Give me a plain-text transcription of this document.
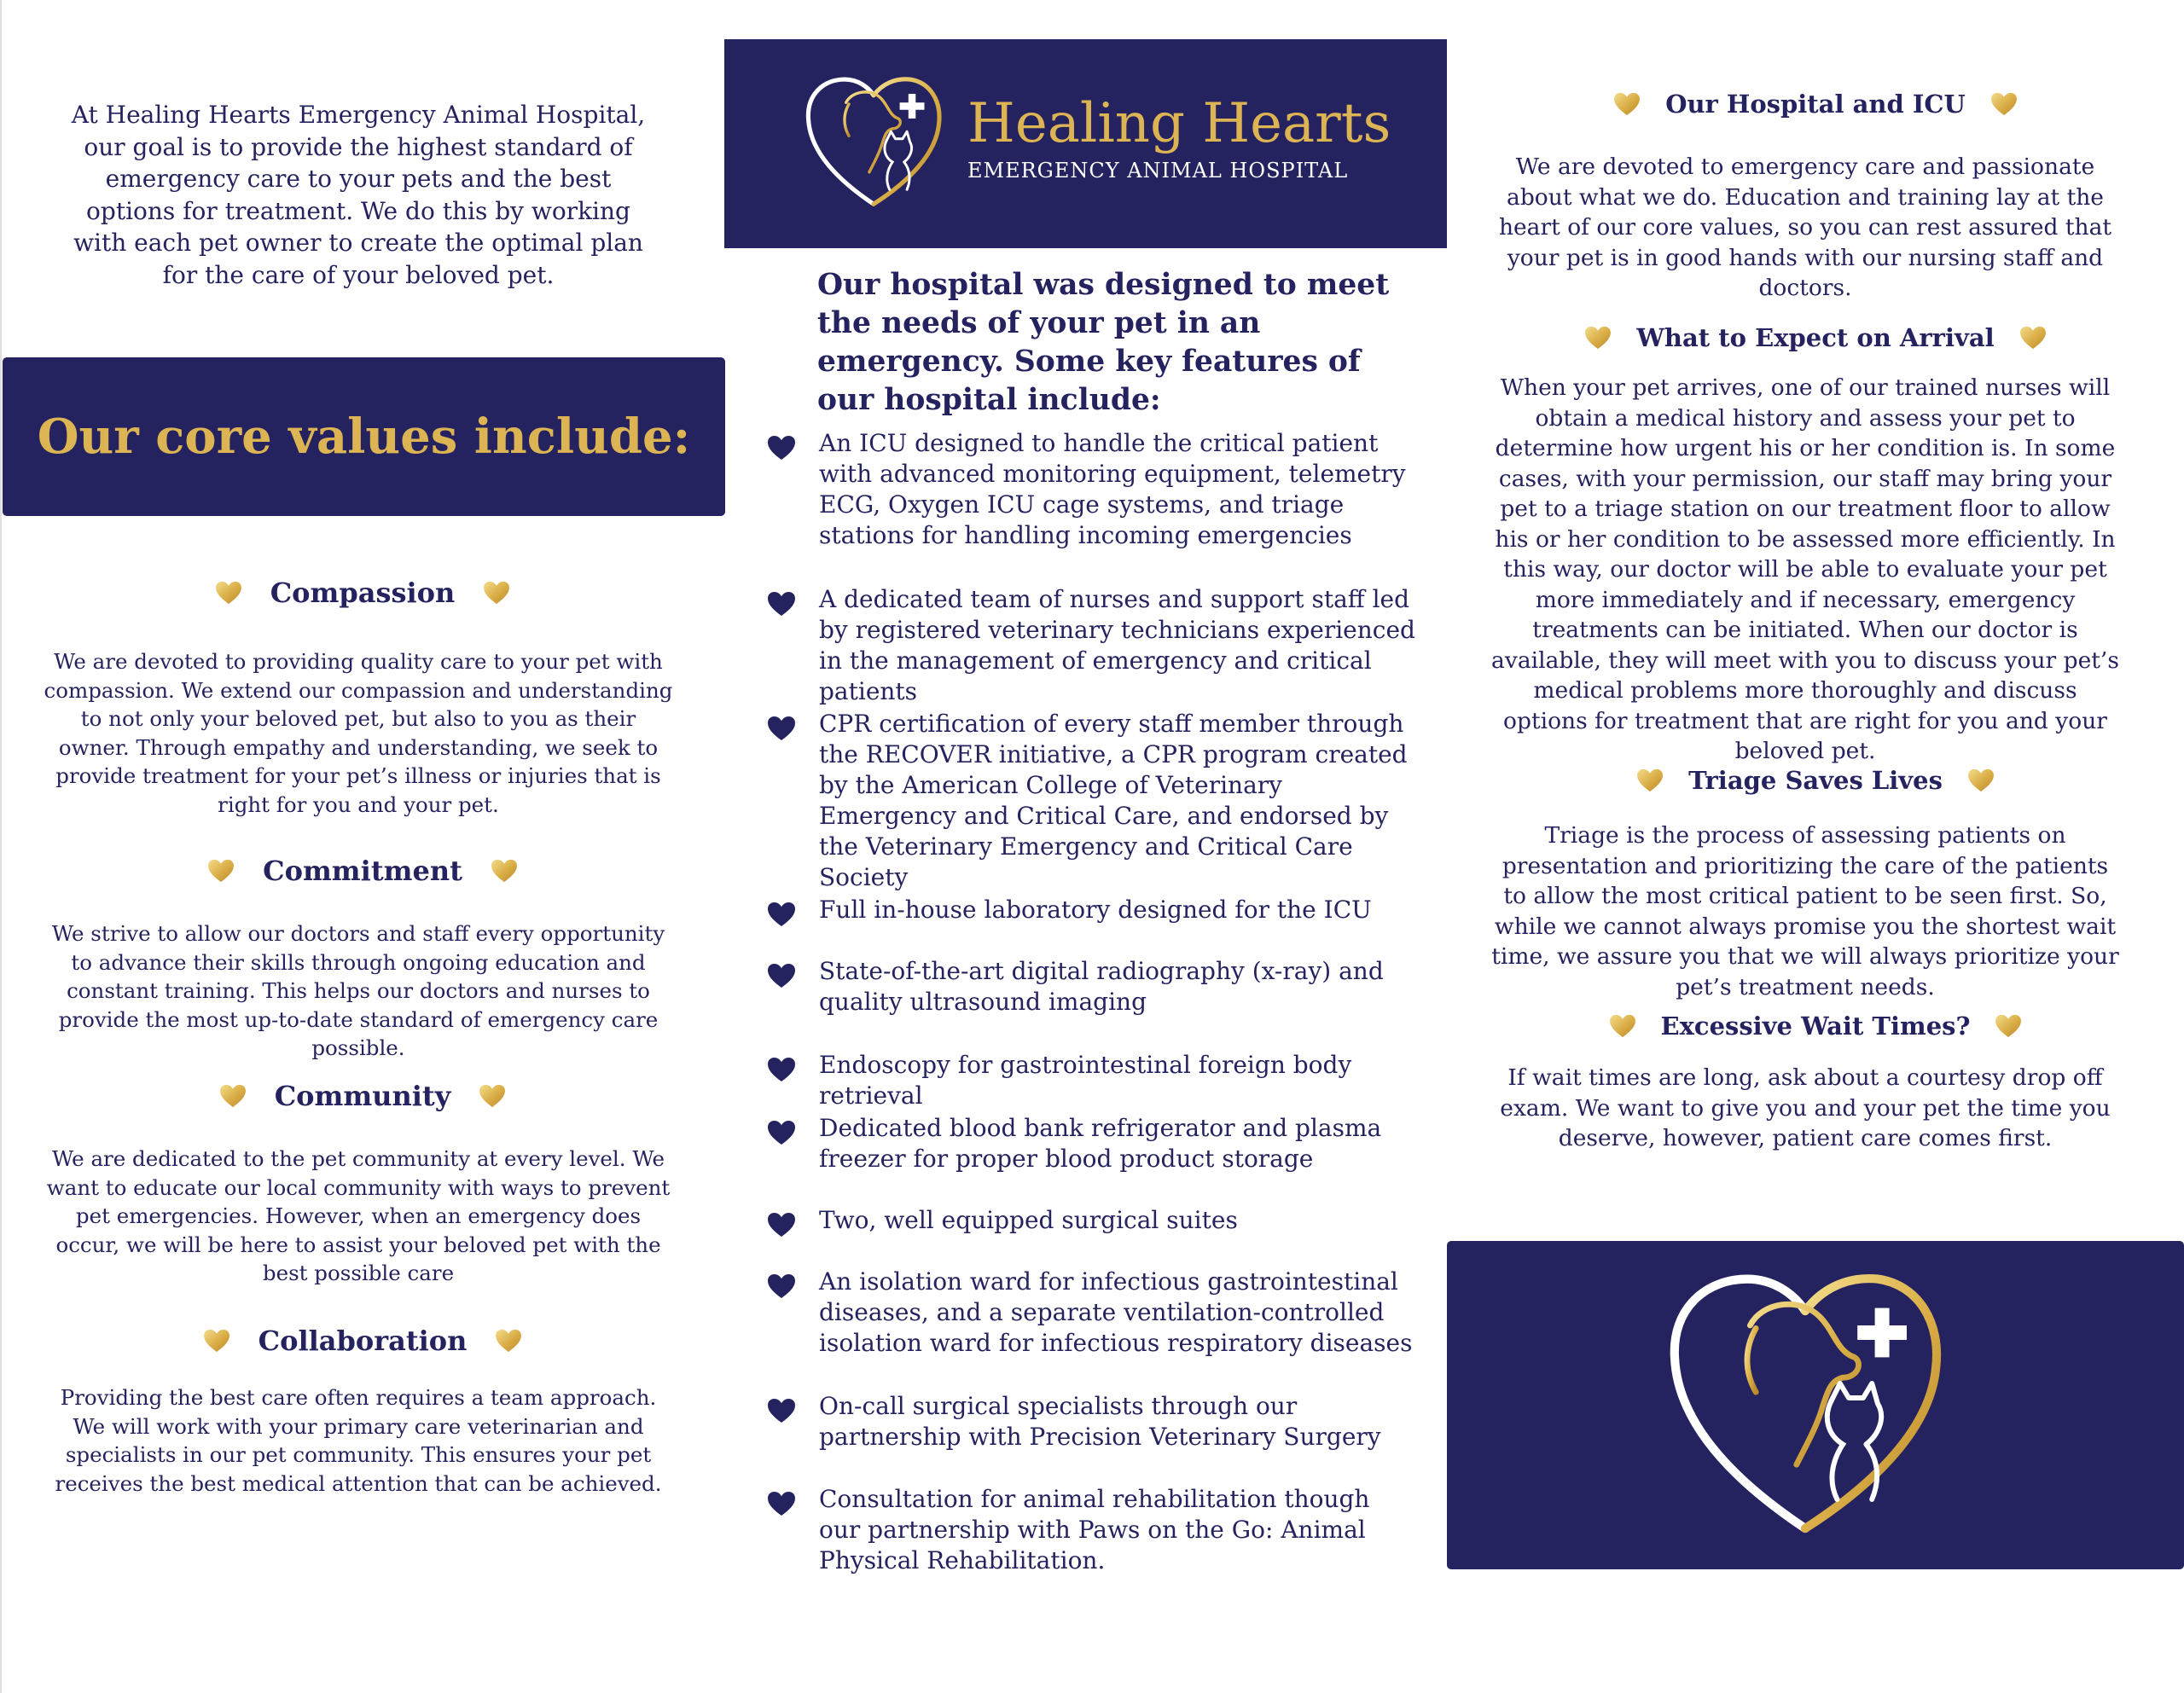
At Healing Hearts Emergency Animal Hospital, our goal is to provide the highest standard of emergency care to your pets and the best options for treatment. We do this by working with each pet owner to create the optimal plan for the care of your beloved pet.

Our core values include:
Compassion

We are devoted to providing quality care to your pet with compassion. We extend our compassion and understanding to not only your beloved pet, but also to you as their owner. Through empathy and understanding, we seek to provide treatment for your pet’s illness or injuries that is right for you and your pet.

Commitment

We strive to allow our doctors and staff every opportunity to advance their skills through ongoing education and constant training. This helps our doctors and nurses to provide the most up-to-date standard of emergency care possible.

Community

We are dedicated to the pet community at every level. We want to educate our local community with ways to prevent pet emergencies. However, when an emergency does occur, we will be here to assist your beloved pet with the best possible care

Collaboration

Providing the best care often requires a team approach. We will work with your primary care veterinarian and specialists in our pet community. This ensures your pet receives the best medical attention that can be achieved.

Healing Hearts

EMERGENCY ANIMAL HOSPITAL

Our hospital was designed to meet the needs of your pet in an emergency. Some key features of our hospital include:
An ICU designed to handle the critical patient with advanced monitoring equipment, telemetry ECG, Oxygen ICU cage systems, and triage stations for handling incoming emergencies
A dedicated team of nurses and support staff led by registered veterinary technicians experienced in the management of emergency and critical patients
CPR certification of every staff member through the RECOVER initiative, a CPR program created by the American College of Veterinary Emergency and Critical Care, and endorsed by the Veterinary Emergency and Critical Care Society
Full in-house laboratory designed for the ICU
State-of-the-art digital radiography (x-ray) and quality ultrasound imaging
Endoscopy for gastrointestinal foreign body retrieval
Dedicated blood bank refrigerator and plasma freezer for proper blood product storage
Two, well equipped surgical suites
An isolation ward for infectious gastrointestinal diseases, and a separate ventilation-controlled isolation ward for infectious respiratory diseases
On-call surgical specialists through our partnership with Precision Veterinary Surgery
Consultation for animal rehabilitation though our partnership with Paws on the Go: Animal Physical Rehabilitation.
Our Hospital and ICU

We are devoted to emergency care and passionate about what we do. Education and training lay at the heart of our core values, so you can rest assured that your pet is in good hands with our nursing staff and doctors.

What to Expect on Arrival

When your pet arrives, one of our trained nurses will obtain a medical history and assess your pet to determine how urgent his or her condition is. In some cases, with your permission, our staff may bring your pet to a triage station on our treatment floor to allow his or her condition to be assessed more efficiently. In this way, our doctor will be able to evaluate your pet more immediately and if necessary, emergency treatments can be initiated. When our doctor is available, they will meet with you to discuss your pet’s medical problems more thoroughly and discuss options for treatment that are right for you and your beloved pet.

Triage Saves Lives

Triage is the process of assessing patients on presentation and prioritizing the care of the patients to allow the most critical patient to be seen first. So, while we cannot always promise you the shortest wait time, we assure you that we will always prioritize your pet’s treatment needs.

Excessive Wait Times?

If wait times are long, ask about a courtesy drop off exam. We want to give you and your pet the time you deserve, however, patient care comes first.
